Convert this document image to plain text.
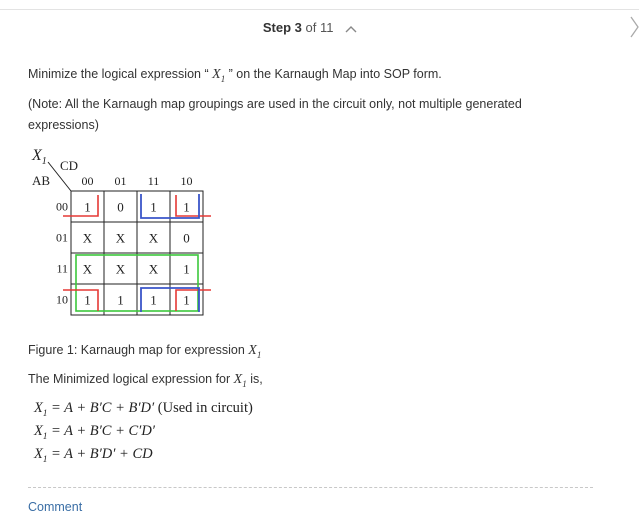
Step 3 of 11
Minimize the logical expression “ $X_1$ ” on the Karnaugh Map into SOP form.
(Note: All the Karnaugh map groupings are used in the circuit only, not multiple generated expressions)
$X_1$ CD
AB	00 01 11 10
00
01
11
10
1 0 1 1
X X X 0
X X X 1
1 1 1 1
Figure 1: Karnaugh map for expression $X_1$
The Minimized logical expression for $X_1$ is,
$X_1 = A + B'C + B'D'$ (Used in circuit)
$X_1 = A + B'C + C'D'$
$X_1 = A + B'D'$ + CD
Comment
